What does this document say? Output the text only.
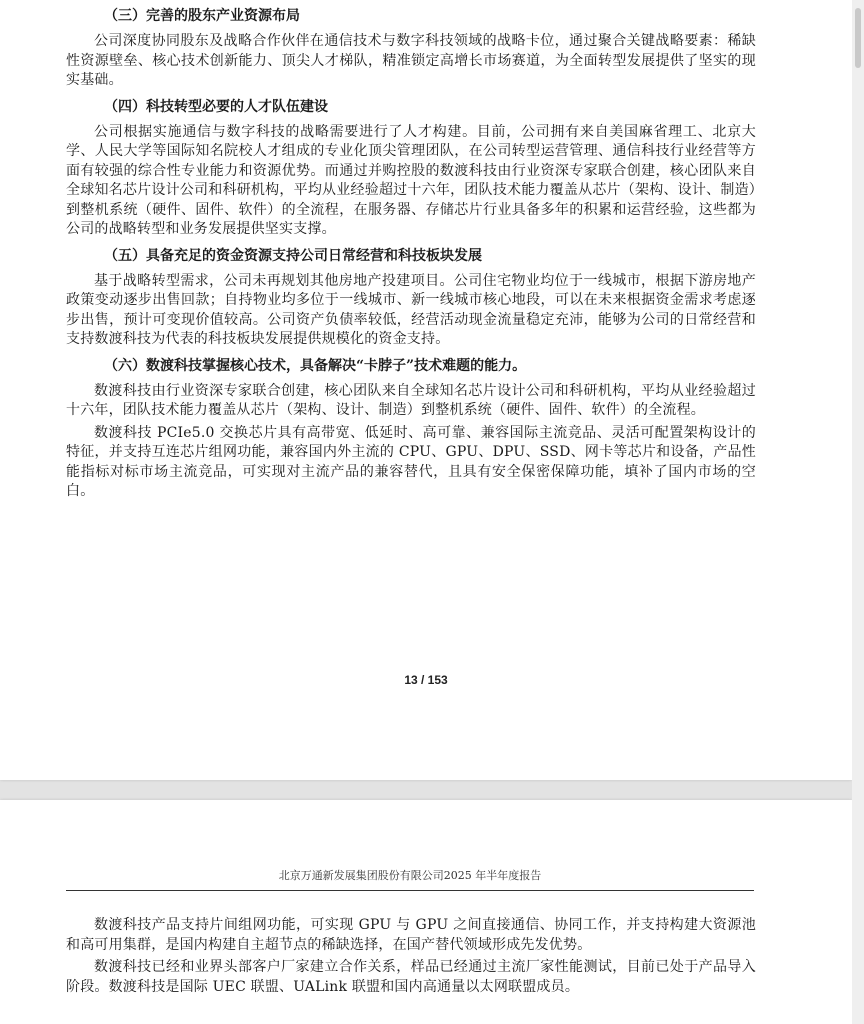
（三）完善的股东产业资源布局

公司深度协同股东及战略合作伙伴在通信技术与数字科技领域的战略卡位，通过聚合关键战略要素：稀缺性资源壁垒、核心技术创新能力、顶尖人才梯队，精准锁定高增长市场赛道，为全面转型发展提供了坚实的现实基础。

（四）科技转型必要的人才队伍建设

公司根据实施通信与数字科技的战略需要进行了人才构建。目前，公司拥有来自美国麻省理工、北京大学、人民大学等国际知名院校人才组成的专业化顶尖管理团队，在公司转型运营管理、通信科技行业经营等方面有较强的综合性专业能力和资源优势。而通过并购控股的数渡科技由行业资深专家联合创建，核心团队来自全球知名芯片设计公司和科研机构，平均从业经验超过十六年，团队技术能力覆盖从芯片（架构、设计、制造）到整机系统（硬件、固件、软件）的全流程，在服务器、存储芯片行业具备多年的积累和运营经验，这些都为公司的战略转型和业务发展提供坚实支撑。

（五）具备充足的资金资源支持公司日常经营和科技板块发展

基于战略转型需求，公司未再规划其他房地产投建项目。公司住宅物业均位于一线城市，根据下游房地产政策变动逐步出售回款；自持物业均多位于一线城市、新一线城市核心地段，可以在未来根据资金需求考虑逐步出售，预计可变现价值较高。公司资产负债率较低，经营活动现金流量稳定充沛，能够为公司的日常经营和支持数渡科技为代表的科技板块发展提供规模化的资金支持。

（六）数渡科技掌握核心技术，具备解决“卡脖子”技术难题的能力。

数渡科技由行业资深专家联合创建，核心团队来自全球知名芯片设计公司和科研机构，平均从业经验超过十六年，团队技术能力覆盖从芯片（架构、设计、制造）到整机系统（硬件、固件、软件）的全流程。

数渡科技 PCIe5.0 交换芯片具有高带宽、低延时、高可靠、兼容国际主流竞品、灵活可配置架构设计的特征，并支持互连芯片组网功能，兼容国内外主流的 CPU、GPU、DPU、SSD、网卡等芯片和设备，产品性能指标对标市场主流竞品，可实现对主流产品的兼容替代，且具有安全保密保障功能，填补了国内市场的空白。

13 / 153
北京万通新发展集团股份有限公司2025 年半年度报告

数渡科技产品支持片间组网功能，可实现 GPU 与 GPU 之间直接通信、协同工作，并支持构建大资源池和高可用集群，是国内构建自主超节点的稀缺选择，在国产替代领域形成先发优势。

数渡科技已经和业界头部客户厂家建立合作关系，样品已经通过主流厂家性能测试，目前已处于产品导入阶段。数渡科技是国际 UEC 联盟、UALink 联盟和国内高通量以太网联盟成员。
